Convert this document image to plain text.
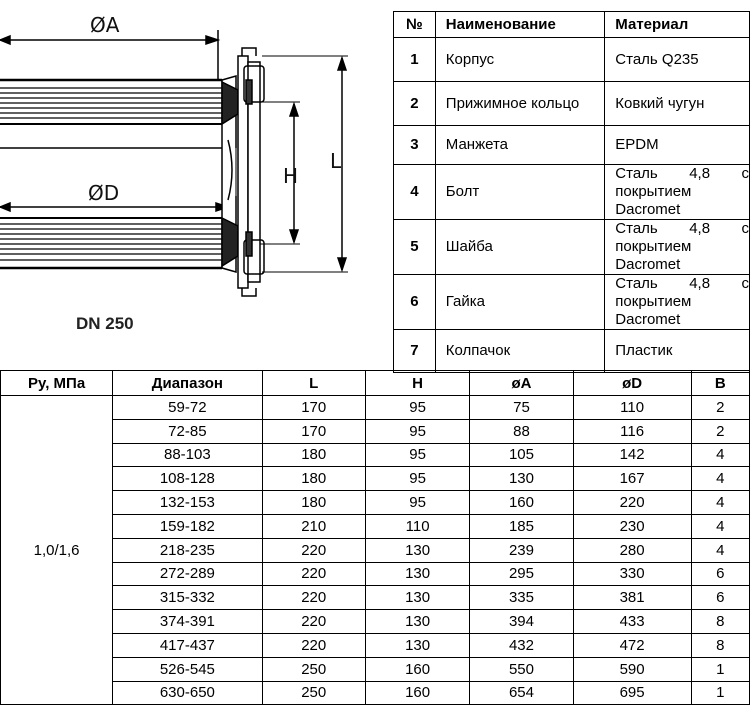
ØA
ØD
H
L
DN 250
№	Наименование	Материал
1	Корпус	Сталь Q235
2	Прижимное кольцо	Ковкий чугун
3	Манжета	EPDM
4	Болт	Сталь 4,8 с покрытием Dacromet
5	Шайба	Сталь 4,8 с покрытием Dacromet
6	Гайка	Сталь 4,8 с покрытием Dacromet
7	Колпачок	Пластик
Py, МПа	Диапазон	L	H	øA	øD	B
1,0/1,6	59-72	170	95	75	110	2
	72-85	170	95	88	116	2
	88-103	180	95	105	142	4
	108-128	180	95	130	167	4
	132-153	180	95	160	220	4
	159-182	210	110	185	230	4
	218-235	220	130	239	280	4
	272-289	220	130	295	330	6
	315-332	220	130	335	381	6
	374-391	220	130	394	433	8
	417-437	220	130	432	472	8
	526-545	250	160	550	590	1
	630-650	250	160	654	695	1
